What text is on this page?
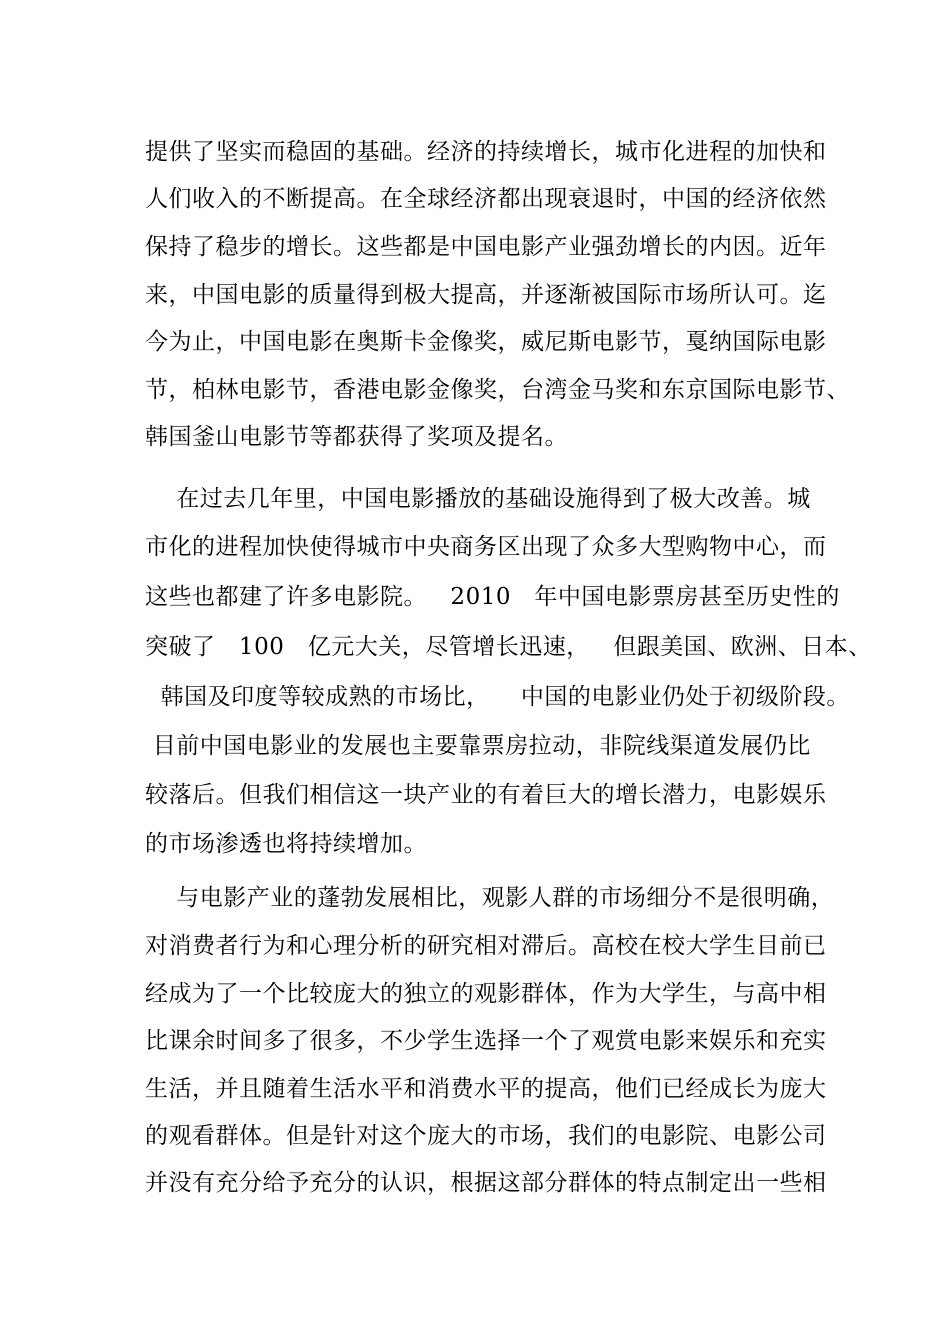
提供了坚实而稳固的基础。经济的持续增长，城市化进程的加快和

人们收入的不断提高。在全球经济都出现衰退时，中国的经济依然

保持了稳步的增长。这些都是中国电影产业强劲增长的内因。近年

来，中国电影的质量得到极大提高，并逐渐被国际市场所认可。迄

今为止，中国电影在奥斯卡金像奖，威尼斯电影节，戛纳国际电影

节，柏林电影节，香港电影金像奖，台湾金马奖和东京国际电影节、

韩国釜山电影节等都获得了奖项及提名。

在过去几年里，中国电影播放的基础设施得到了极大改善。城

市化的进程加快使得城市中央商务区出现了众多大型购物中心，而

这些也都建了许多电影院。   2010   年中国电影票房甚至历史性的

突破了   100   亿元大关，尽管增长迅速，   但跟美国、欧洲、日本、

韩国及印度等较成熟的市场比，    中国的电影业仍处于初级阶段。

目前中国电影业的发展也主要靠票房拉动，非院线渠道发展仍比

较落后。但我们相信这一块产业的有着巨大的增长潜力，电影娱乐

的市场渗透也将持续增加。

与电影产业的蓬勃发展相比，观影人群的市场细分不是很明确，

对消费者行为和心理分析的研究相对滞后。高校在校大学生目前已

经成为了一个比较庞大的独立的观影群体，作为大学生，与高中相

比课余时间多了很多，不少学生选择一个了观赏电影来娱乐和充实

生活，并且随着生活水平和消费水平的提高，他们已经成长为庞大

的观看群体。但是针对这个庞大的市场，我们的电影院、电影公司

并没有充分给予充分的认识，根据这部分群体的特点制定出一些相
